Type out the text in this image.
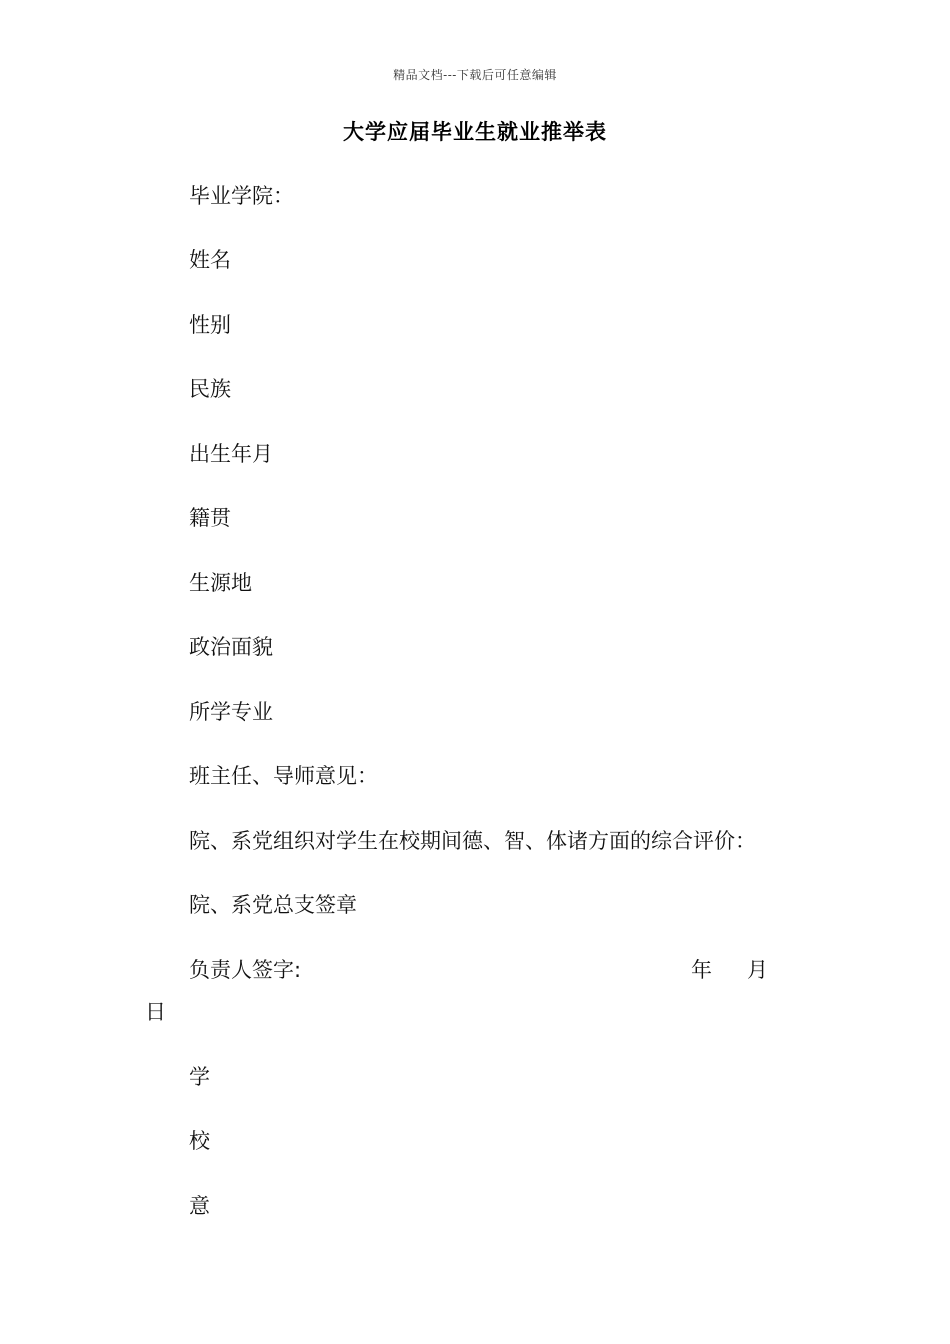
精品文档---下载后可任意编辑
大学应届毕业生就业推举表
毕业学院：
姓名
性别
民族
出生年月
籍贯
生源地
政治面貌
所学专业
班主任、导师意见：
院、系党组织对学生在校期间德、智、体诸方面的综合评价：
院、系党总支签章
负责人签字:	年 月
日
学
校
意
